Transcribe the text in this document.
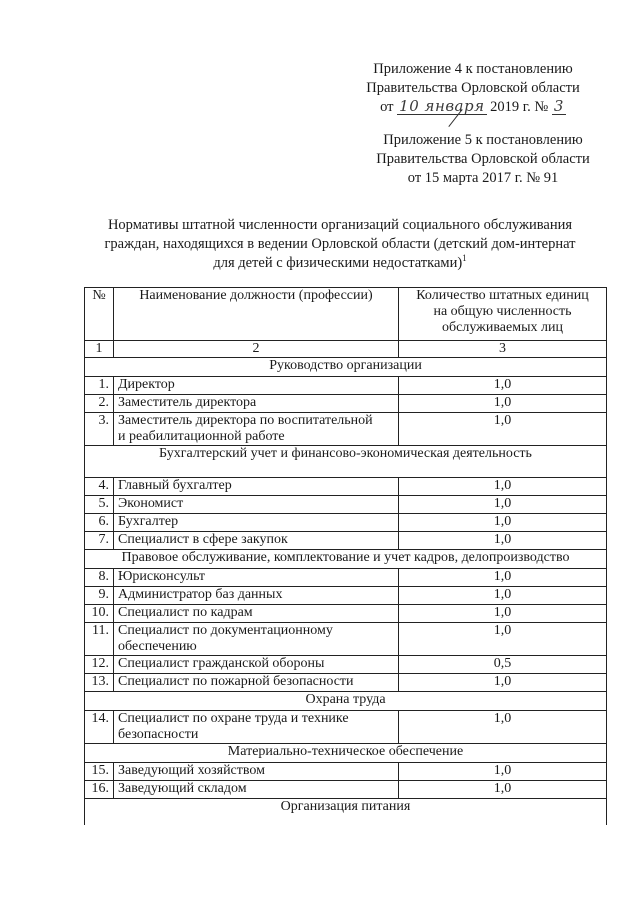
Приложение 4 к постановлению
Правительства Орловской области
от 10 января 2019 г. № 3
Приложение 5 к постановлению
Правительства Орловской области
от 15 марта 2017 г. № 91
Нормативы штатной численности организаций социального обслуживания
граждан, находящихся в ведении Орловской области (детский дом-интернат
для детей с физическими недостатками)$^1$
№	Наименование должности (профессии)	Количество штатных единиц
на общую численность
обслуживаемых лиц

1	2	3
Руководство организации		
1.	Директор	1,0
2.	Заместитель директора	1,0
3.	Заместитель директора по воспитательной
и реабилитационной работе	1,0
Бухгалтерский учет и финансово-экономическая деятельность		
4.	Главный бухгалтер	1,0
5.	Экономист	1,0
6.	Бухгалтер	1,0
7.	Специалист в сфере закупок	1,0
Правовое обслуживание, комплектование и учет кадров, делопроизводство		
8.	Юрисконсульт	1,0
9.	Администратор баз данных	1,0
10.	Специалист по кадрам	1,0
11.	Специалист по документационному
обеспечению	1,0
12.	Специалист гражданской обороны	0,5
13.	Специалист по пожарной безопасности	1,0
Охрана труда		
14.	Специалист по охране труда и технике
безопасности	1,0
Материально-техническое обеспечение		
15.	Заведующий хозяйством	1,0
16.	Заведующий складом	1,0
Организация питания		
